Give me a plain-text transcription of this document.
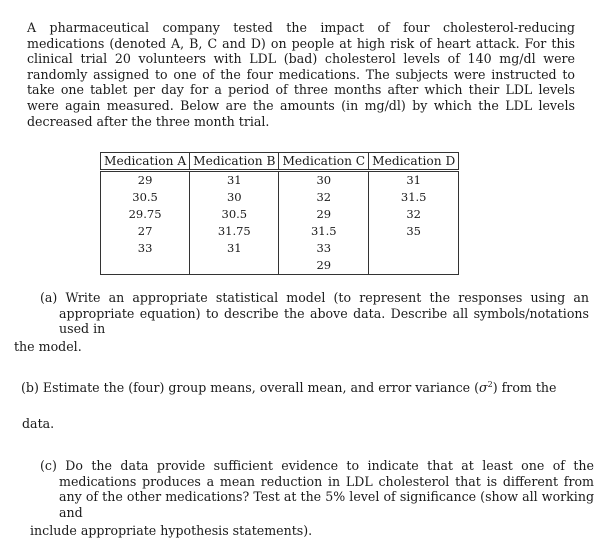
A pharmaceutical company tested the impact of four cholesterol-reducing medications (denoted A, B, C and D) on people at high risk of heart attack. For this clinical trial 20 volunteers with LDL (bad) cholesterol levels of 140 mg/dl were randomly assigned to one of the four medications. The subjects were instructed to take one tablet per day for a period of three months after which their LDL levels were again measured. Below are the amounts (in mg/dl) by which the LDL levels decreased after the three month trial.

Medication A	Medication B	Medication C	Medication D
29	31	30	31
30.5	30	32	31.5
29.75	30.5	29	32
27	31.75	31.5	35
33	31	33	
		29	

(a) Write an appropriate statistical model (to represent the responses using an appropriate equation) to describe the above data. Describe all symbols/notations used in

the model.

(b) Estimate the (four) group means, overall mean, and error variance $(\sigma^2)$ from the

data.

(c) Do the data provide sufficient evidence to indicate that at least one of the medications produces a mean reduction in LDL cholesterol that is different from any of the other medications? Test at the 5% level of significance (show all working and

include appropriate hypothesis statements).
